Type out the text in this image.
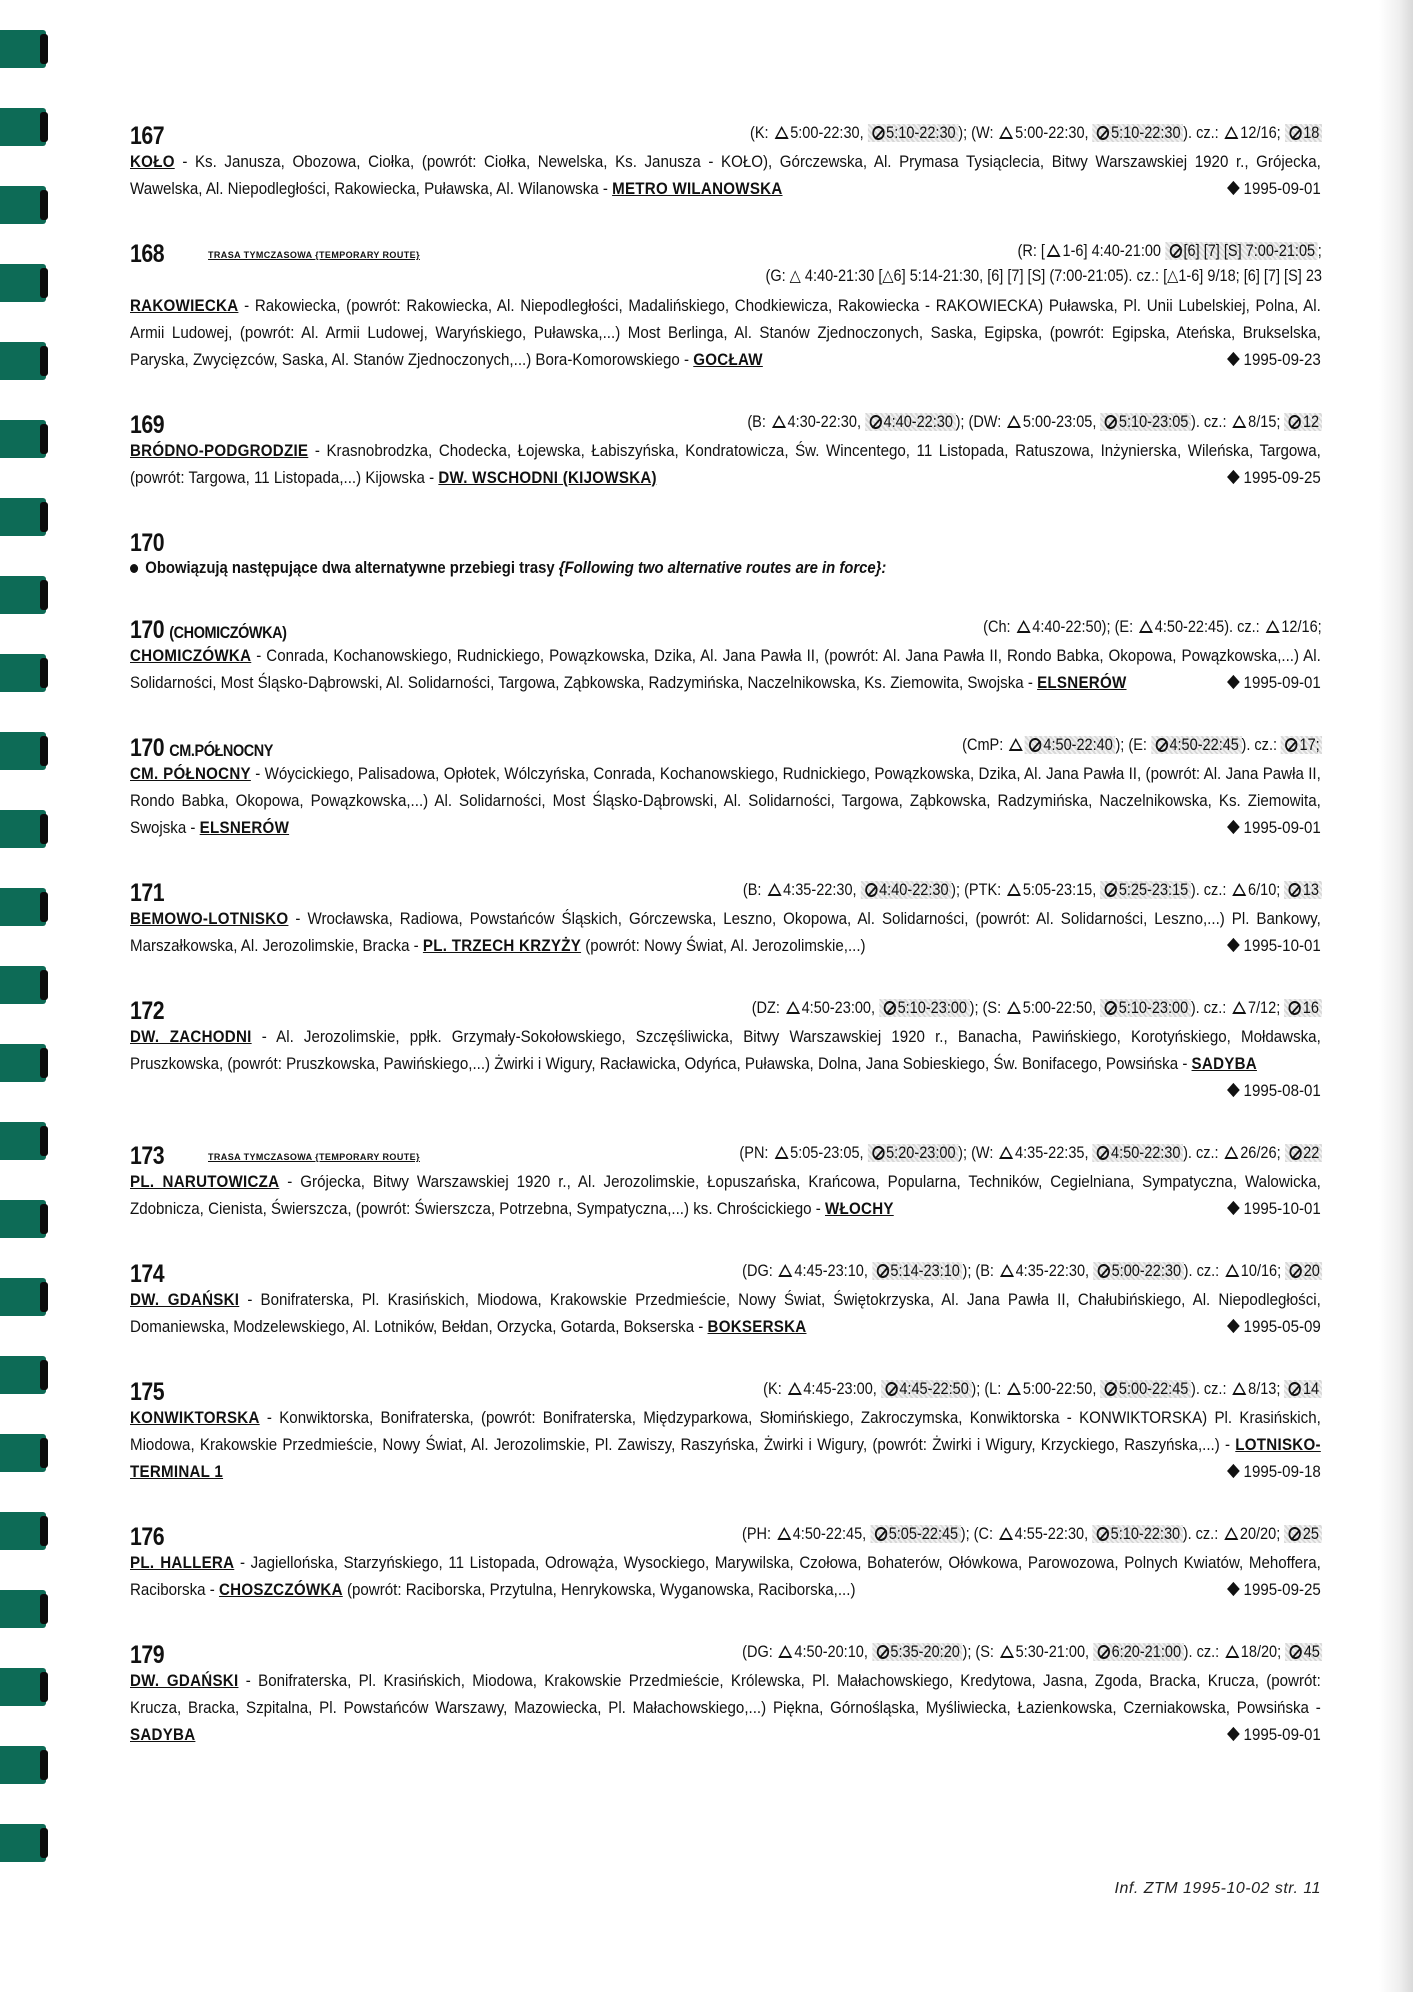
167	(K: 5:00-22:30, 5:10-22:30 ); (W: 5:00-22:30, 5:10-22:30 ). cz.: 12/16; 18
KOŁO - Ks. Janusza, Obozowa, Ciołka, (powrót: Ciołka, Newelska, Ks. Janusza - KOŁO), Górczewska, Al. Prymasa Tysiąclecia, Bitwy Warszawskiej 1920 r., Grójecka, Wawelska, Al. Niepodległości, Rakowiecka, Puławska, Al. Wilanowska - METRO WILANOWSKA	1995-09-01
168	TRASA TYMCZASOWA {TEMPORARY ROUTE}	(R: [ 1-6] 4:40-21:00 [6] [7] [S] 7:00-21:05 ;
(G: △ 4:40-21:30 [△6] 5:14-21:30, [6] [7] [S] (7:00-21:05). cz.: [△1-6] 9/18; [6] [7] [S] 23
RAKOWIECKA - Rakowiecka, (powrót: Rakowiecka, Al. Niepodległości, Madalińskiego, Chodkiewicza, Rakowiecka - RAKOWIECKA) Puławska, Pl. Unii Lubelskiej, Polna, Al. Armii Ludowej, (powrót: Al. Armii Ludowej, Waryńskiego, Puławska,...) Most Berlinga, Al. Stanów Zjednoczonych, Saska, Egipska, (powrót: Egipska, Ateńska, Brukselska, Paryska, Zwycięzców, Saska, Al. Stanów Zjednoczonych,...) Bora-Komorowskiego - GOCŁAW	1995-09-23
169	(B: 4:30-22:30, 4:40-22:30 ); (DW: 5:00-23:05, 5:10-23:05 ). cz.: 8/15; 12
BRÓDNO-PODGRODZIE - Krasnobrodzka, Chodecka, Łojewska, Łabiszyńska, Kondratowicza, Św. Wincentego, 11 Listopada, Ratuszowa, Inżynierska, Wileńska, Targowa, (powrót: Targowa, 11 Listopada,...) Kijowska - DW. WSCHODNI (KIJOWSKA)	1995-09-25
170
Obowiązują następujące dwa alternatywne przebiegi trasy {Following two alternative routes are in force}:
170 (CHOMICZÓWKA)	(Ch: 4:40-22:50); (E: 4:50-22:45). cz.: 12/16;
CHOMICZÓWKA - Conrada, Kochanowskiego, Rudnickiego, Powązkowska, Dzika, Al. Jana Pawła II, (powrót: Al. Jana Pawła II, Rondo Babka, Okopowa, Powązkowska,...) Al. Solidarności, Most Śląsko-Dąbrowski, Al. Solidarności, Targowa, Ząbkowska, Radzymińska, Naczelnikowska, Ks. Ziemowita, Swojska - ELSNERÓW	1995-09-01
170 CM.PÓŁNOCNY	(CmP: 4:50-22:40 ); (E: 4:50-22:45 ). cz.: 17;
CM. PÓŁNOCNY - Wóycickiego, Palisadowa, Opłotek, Wólczyńska, Conrada, Kochanowskiego, Rudnickiego, Powązkowska, Dzika, Al. Jana Pawła II, (powrót: Al. Jana Pawła II, Rondo Babka, Okopowa, Powązkowska,...) Al. Solidarności, Most Śląsko-Dąbrowski, Al. Solidarności, Targowa, Ząbkowska, Radzymińska, Naczelnikowska, Ks. Ziemowita, Swojska - ELSNERÓW	1995-09-01
171	(B: 4:35-22:30, 4:40-22:30 ); (PTK: 5:05-23:15, 5:25-23:15 ). cz.: 6/10; 13
BEMOWO-LOTNISKO - Wrocławska, Radiowa, Powstańców Śląskich, Górczewska, Leszno, Okopowa, Al. Solidarności, (powrót: Al. Solidarności, Leszno,...) Pl. Bankowy, Marszałkowska, Al. Jerozolimskie, Bracka - PL. TRZECH KRZYŻY (powrót: Nowy Świat, Al. Jerozolimskie,...)	1995-10-01
172	(DZ: 4:50-23:00, 5:10-23:00 ); (S: 5:00-22:50, 5:10-23:00 ). cz.: 7/12; 16
DW. ZACHODNI - Al. Jerozolimskie, ppłk. Grzymały-Sokołowskiego, Szczęśliwicka, Bitwy Warszawskiej 1920 r., Banacha, Pawińskiego, Korotyńskiego, Mołdawska, Pruszkowska, (powrót: Pruszkowska, Pawińskiego,...) Żwirki i Wigury, Racławicka, Odyńca, Puławska, Dolna, Jana Sobieskiego, Św. Bonifacego, Powsińska - SADYBA
1995-08-01
173	TRASA TYMCZASOWA {TEMPORARY ROUTE}	(PN: 5:05-23:05, 5:20-23:00 ); (W: 4:35-22:35, 4:50-22:30 ). cz.: 26/26; 22
PL. NARUTOWICZA - Grójecka, Bitwy Warszawskiej 1920 r., Al. Jerozolimskie, Łopuszańska, Krańcowa, Popularna, Techników, Cegielniana, Sympatyczna, Walowicka, Zdobnicza, Cienista, Świerszcza, (powrót: Świerszcza, Potrzebna, Sympatyczna,...) ks. Chrościckiego - WŁOCHY	1995-10-01
174	(DG: 4:45-23:10, 5:14-23:10 ); (B: 4:35-22:30, 5:00-22:30 ). cz.: 10/16; 20
DW. GDAŃSKI - Bonifraterska, Pl. Krasińskich, Miodowa, Krakowskie Przedmieście, Nowy Świat, Świętokrzyska, Al. Jana Pawła II, Chałubińskiego, Al. Niepodległości, Domaniewska, Modzelewskiego, Al. Lotników, Bełdan, Orzycka, Gotarda, Bokserska - BOKSERSKA	1995-05-09
175	(K: 4:45-23:00, 4:45-22:50 ); (L: 5:00-22:50, 5:00-22:45 ). cz.: 8/13; 14
KONWIKTORSKA - Konwiktorska, Bonifraterska, (powrót: Bonifraterska, Międzyparkowa, Słomińskiego, Zakroczymska, Konwiktorska - KONWIKTORSKA) Pl. Krasińskich, Miodowa, Krakowskie Przedmieście, Nowy Świat, Al. Jerozolimskie, Pl. Zawiszy, Raszyńska, Żwirki i Wigury, (powrót: Żwirki i Wigury, Krzyckiego, Raszyńska,...) - LOTNISKO-TERMINAL 1	1995-09-18
176	(PH: 4:50-22:45, 5:05-22:45 ); (C: 4:55-22:30, 5:10-22:30 ). cz.: 20/20; 25
PL. HALLERA - Jagiellońska, Starzyńskiego, 11 Listopada, Odrowąża, Wysockiego, Marywilska, Czołowa, Bohaterów, Ołówkowa, Parowozowa, Polnych Kwiatów, Mehoffera, Raciborska - CHOSZCZÓWKA (powrót: Raciborska, Przytulna, Henrykowska, Wyganowska, Raciborska,...)	1995-09-25
179	(DG: 4:50-20:10, 5:35-20:20 ); (S: 5:30-21:00, 6:20-21:00 ). cz.: 18/20; 45
DW. GDAŃSKI - Bonifraterska, Pl. Krasińskich, Miodowa, Krakowskie Przedmieście, Królewska, Pl. Małachowskiego, Kredytowa, Jasna, Zgoda, Bracka, Krucza, (powrót: Krucza, Bracka, Szpitalna, Pl. Powstańców Warszawy, Mazowiecka, Pl. Małachowskiego,...) Piękna, Górnośląska, Myśliwiecka, Łazienkowska, Czerniakowska, Powsińska - SADYBA	1995-09-01
Inf. ZTM 1995-10-02 str. 11
